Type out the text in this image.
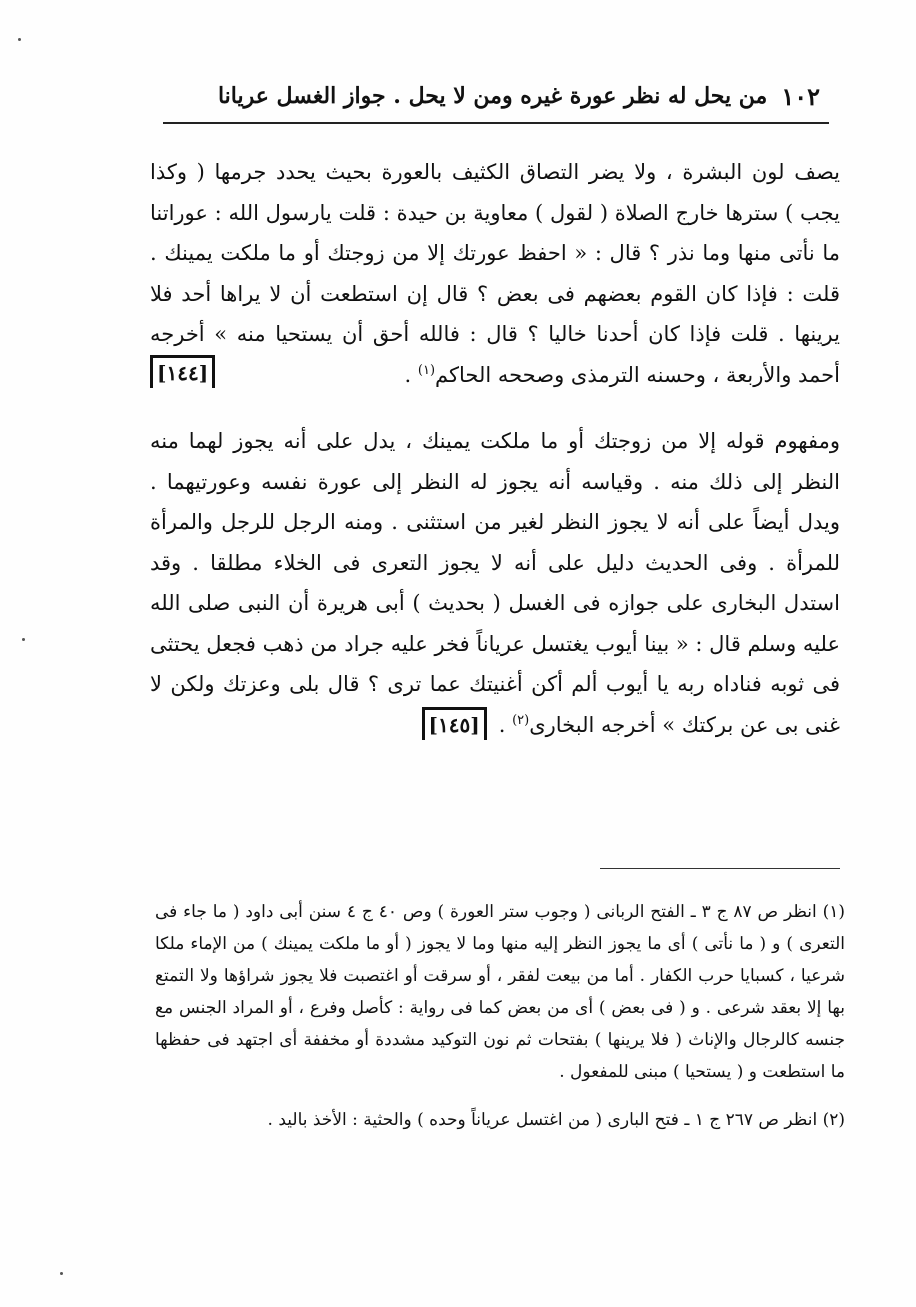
١٠٢
من يحل له نظر عورة غيره ومن لا يحل . جواز الغسل عريانا

يصف لون البشرة ، ولا يضر التصاق الكثيف بالعورة بحيث يحدد جرمها ( وكذا يجب ) سترها خارج الصلاة ( لقول ) معاوية بن حيدة : قلت يارسول الله : عوراتنا ما نأتى منها وما نذر ؟ قال : « احفظ عورتك إلا من زوجتك أو ما ملكت يمينك . قلت : فإذا كان القوم بعضهم فى بعض ؟ قال إن استطعت أن لا يراها أحد فلا يرينها . قلت فإذا كان أحدنا خاليا ؟ قال : فالله أحق أن يستحيا منه » أخرجه أحمد والأربعة ، وحسنه الترمذى وصححه الحاكم$^{(١)}$ .
[١٤٤]

ومفهوم قوله إلا من زوجتك أو ما ملكت يمينك ، يدل على أنه يجوز لهما منه النظر إلى ذلك منه . وقياسه أنه يجوز له النظر إلى عورة نفسه وعورتيهما . ويدل أيضاً على أنه لا يجوز النظر لغير من استثنى . ومنه الرجل للرجل والمرأة للمرأة . وفى الحديث دليل على أنه لا يجوز التعرى فى الخلاء مطلقا . وقد استدل البخارى على جوازه فى الغسل ( بحديث ) أبى هريرة أن النبى صلى الله عليه وسلم قال : « بينا أيوب يغتسل عرياناً فخر عليه جراد من ذهب فجعل يحتثى فى ثوبه فناداه ربه يا أيوب ألم أكن أغنيتك عما ترى ؟ قال بلى وعزتك ولكن لا غنى بى عن بركتك » أخرجه البخارى$^{(٢)}$ .[١٤٥]

(١) انظر ص ٨٧ ج ٣ ـ الفتح الربانى ( وجوب ستر العورة ) وص ٤٠ ج ٤ سنن أبى داود ( ما جاء فى التعرى ) و ( ما نأتى ) أى ما يجوز النظر إليه منها وما لا يجوز ( أو ما ملكت يمينك ) من الإماء ملكا شرعيا ، كسبايا حرب الكفار . أما من بيعت لفقر ، أو سرقت أو اغتصبت فلا يجوز شراؤها ولا التمتع بها إلا بعقد شرعى . و ( فى بعض ) أى من بعض كما فى رواية : كأصل وفرع ، أو المراد الجنس مع جنسه كالرجال والإناث ( فلا يرينها ) بفتحات ثم نون التوكيد مشددة أو مخففة أى اجتهد فى حفظها ما استطعت و ( يستحيا ) مبنى للمفعول .

(٢) انظر ص ٢٦٧ ج ١ ـ فتح البارى ( من اغتسل عرياناً وحده ) والحثية : الأخذ باليد .
